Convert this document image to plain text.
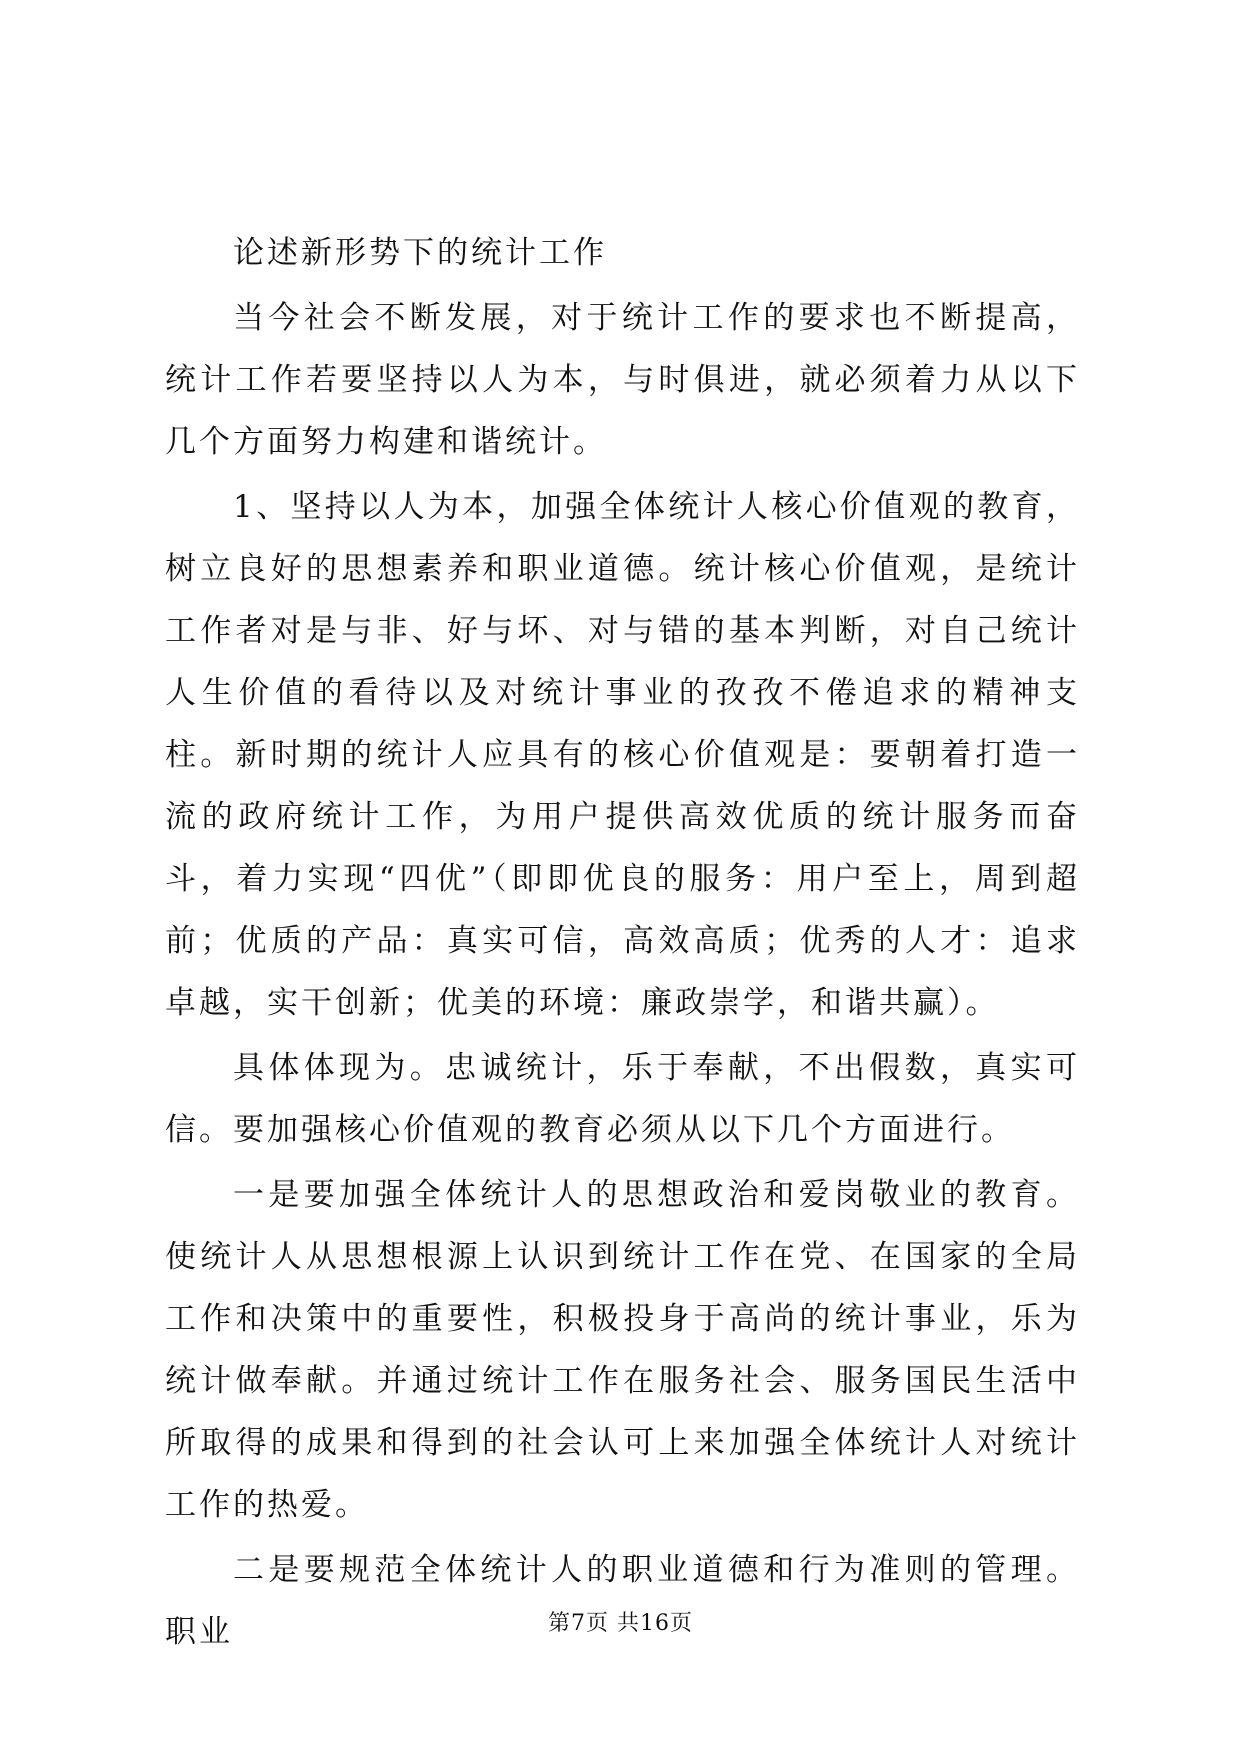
论述新形势下的统计工作

当今社会不断发展，对于统计工作的要求也不断提高，统计工作若要坚持以人为本，与时俱进，就必须着力从以下几个方面努力构建和谐统计。

1、坚持以人为本，加强全体统计人核心价值观的教育，树立良好的思想素养和职业道德。统计核心价值观，是统计工作者对是与非、好与坏、对与错的基本判断，对自己统计人生价值的看待以及对统计事业的孜孜不倦追求的精神支柱。新时期的统计人应具有的核心价值观是：要朝着打造一流的政府统计工作，为用户提供高效优质的统计服务而奋斗，着力实现“四优”（即即优良的服务：用户至上，周到超前；优质的产品：真实可信，高效高质；优秀的人才：追求卓越，实干创新；优美的环境：廉政崇学，和谐共赢）。

具体体现为。忠诚统计，乐于奉献，不出假数，真实可信。要加强核心价值观的教育必须从以下几个方面进行。

一是要加强全体统计人的思想政治和爱岗敬业的教育。使统计人从思想根源上认识到统计工作在党、在国家的全局工作和决策中的重要性，积极投身于高尚的统计事业，乐为统计做奉献。并通过统计工作在服务社会、服务国民生活中所取得的成果和得到的社会认可上来加强全体统计人对统计工作的热爱。

二是要规范全体统计人的职业道德和行为准则的管理。职业	第7页 共16页
